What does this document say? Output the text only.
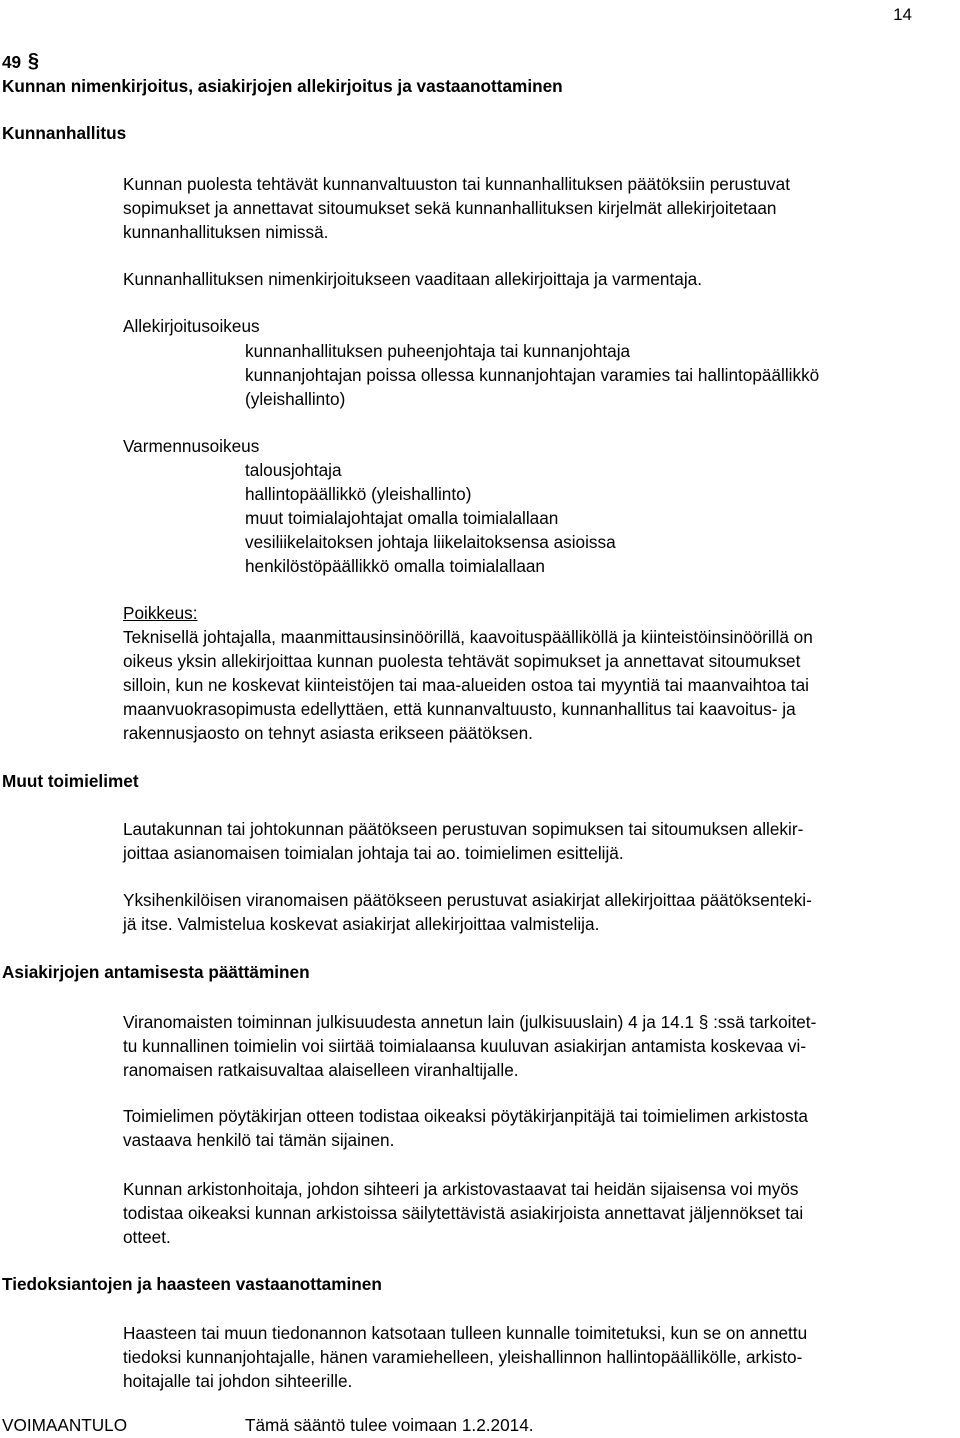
14
49 §
Kunnan nimenkirjoitus, asiakirjojen allekirjoitus ja vastaanottaminen
Kunnanhallitus
Kunnan puolesta tehtävät kunnanvaltuuston tai kunnanhallituksen päätöksiin perustuvat
sopimukset ja annettavat sitoumukset sekä kunnanhallituksen kirjelmät allekirjoitetaan
kunnanhallituksen nimissä.
Kunnanhallituksen nimenkirjoitukseen vaaditaan allekirjoittaja ja varmentaja.
Allekirjoitusoikeus
kunnanhallituksen puheenjohtaja tai kunnanjohtaja
kunnanjohtajan poissa ollessa kunnanjohtajan varamies tai hallintopäällikkö
(yleishallinto)
Varmennusoikeus
talousjohtaja
hallintopäällikkö (yleishallinto)
muut toimialajohtajat omalla toimialallaan
vesiliikelaitoksen johtaja liikelaitoksensa asioissa
henkilöstöpäällikkö omalla toimialallaan
Poikkeus:
Teknisellä johtajalla, maanmittausinsinöörillä, kaavoituspäälliköllä ja kiinteistöinsinöörillä on
oikeus yksin allekirjoittaa kunnan puolesta tehtävät sopimukset ja annettavat sitoumukset
silloin, kun ne koskevat kiinteistöjen tai maa-alueiden ostoa tai myyntiä tai maanvaihtoa tai
maanvuokrasopimusta edellyttäen, että kunnanvaltuusto, kunnanhallitus tai kaavoitus- ja
rakennusjaosto on tehnyt asiasta erikseen päätöksen.
Muut toimielimet
Lautakunnan tai johtokunnan päätökseen perustuvan sopimuksen tai sitoumuksen allekir-
joittaa asianomaisen toimialan johtaja tai ao. toimielimen esittelijä.
Yksihenkilöisen viranomaisen päätökseen perustuvat asiakirjat allekirjoittaa päätöksenteki-
jä itse. Valmistelua koskevat asiakirjat allekirjoittaa valmistelija.
Asiakirjojen antamisesta päättäminen
Viranomaisten toiminnan julkisuudesta annetun lain (julkisuuslain) 4 ja 14.1 § :ssä tarkoitet-
tu kunnallinen toimielin voi siirtää toimialaansa kuuluvan asiakirjan antamista koskevaa vi-
ranomaisen ratkaisuvaltaa alaiselleen viranhaltijalle.
Toimielimen pöytäkirjan otteen todistaa oikeaksi pöytäkirjanpitäjä tai toimielimen arkistosta
vastaava henkilö tai tämän sijainen.
Kunnan arkistonhoitaja, johdon sihteeri ja arkistovastaavat tai heidän sijaisensa voi myös
todistaa oikeaksi kunnan arkistoissa säilytettävistä asiakirjoista annettavat jäljennökset tai
otteet.
Tiedoksiantojen ja haasteen vastaanottaminen
Haasteen tai muun tiedonannon katsotaan tulleen kunnalle toimitetuksi, kun se on annettu
tiedoksi kunnanjohtajalle, hänen varamiehelleen, yleishallinnon hallintopäällikölle, arkisto-
hoitajalle tai johdon sihteerille.
VOIMAANTULO	Tämä sääntö tulee voimaan 1.2.2014.
